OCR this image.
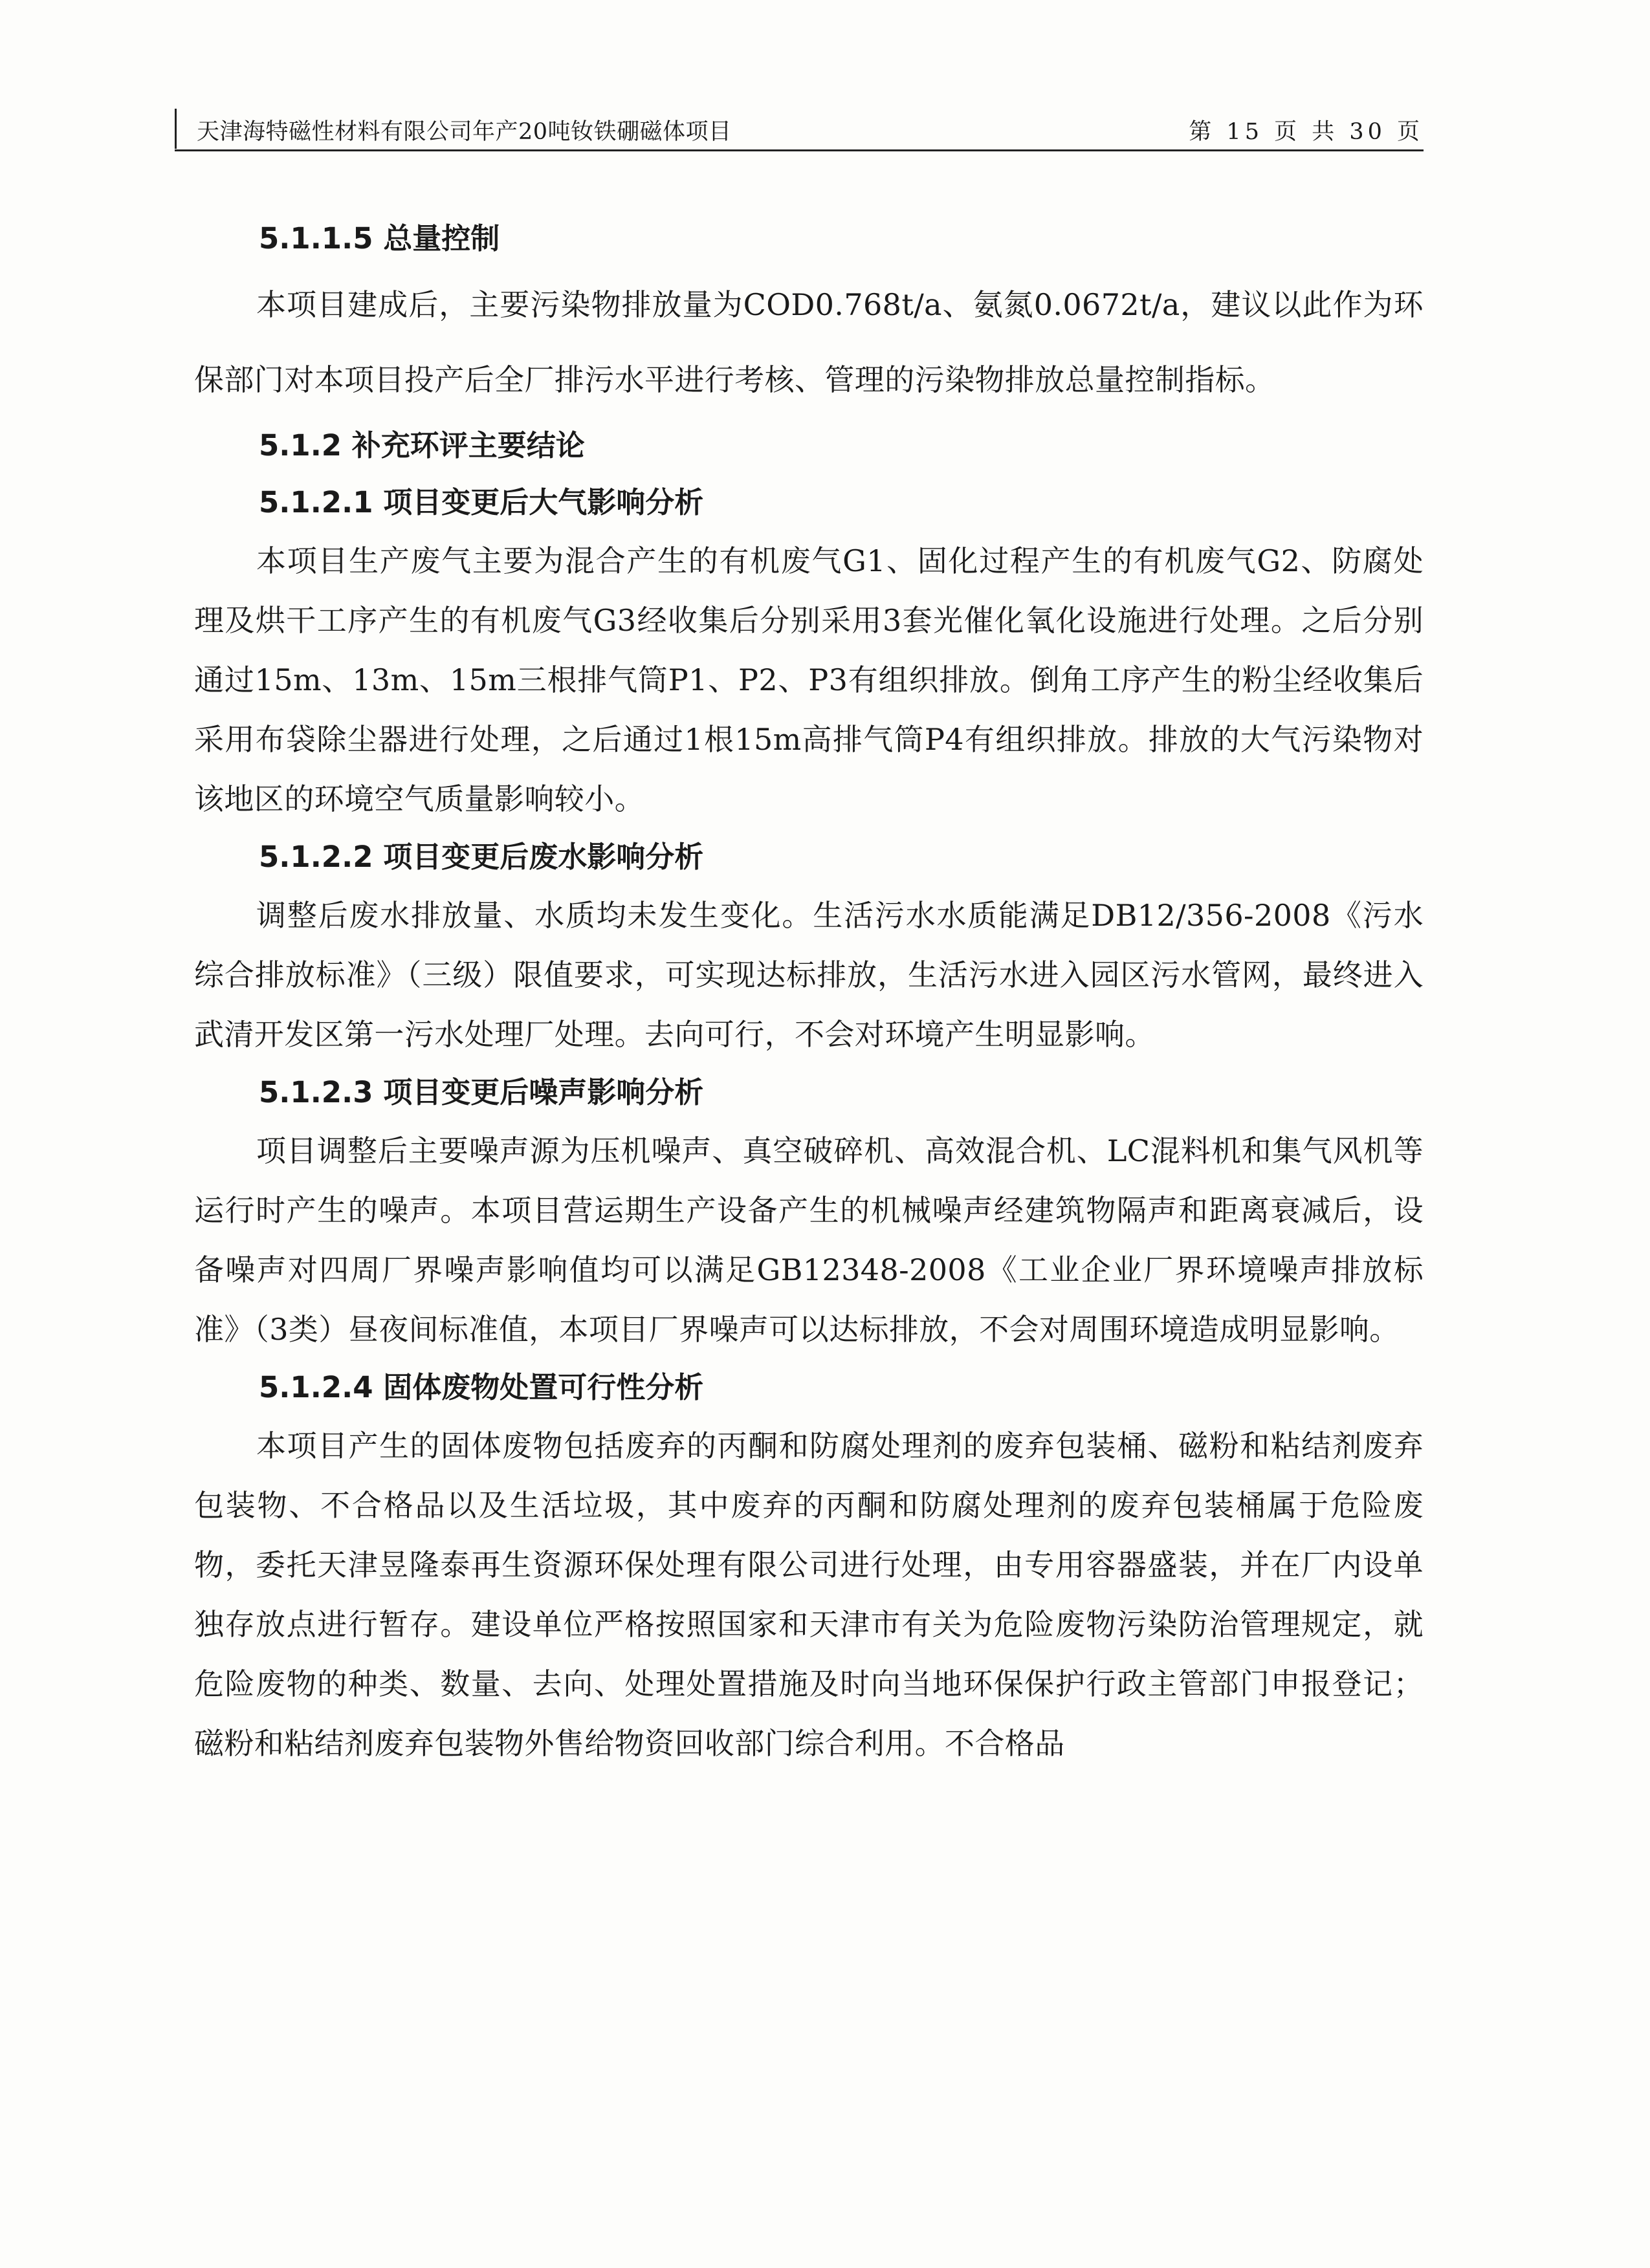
天津海特磁性材料有限公司年产20吨钕铁硼磁体项目	第 15 页 共 30 页
5.1.1.5 总量控制
本项目建成后，主要污染物排放量为COD0.768t/a、氨氮0.0672t/a，建议以此作为环保部门对本项目投产后全厂排污水平进行考核、管理的污染物排放总量控制指标。
5.1.2 补充环评主要结论
5.1.2.1 项目变更后大气影响分析
本项目生产废气主要为混合产生的有机废气G1、固化过程产生的有机废气G2、防腐处理及烘干工序产生的有机废气G3经收集后分别采用3套光催化氧化设施进行处理。之后分别通过15m、13m、15m三根排气筒P1、P2、P3有组织排放。倒角工序产生的粉尘经收集后采用布袋除尘器进行处理，之后通过1根15m高排气筒P4有组织排放。排放的大气污染物对该地区的环境空气质量影响较小。
5.1.2.2 项目变更后废水影响分析
调整后废水排放量、水质均未发生变化。生活污水水质能满足DB12/356-2008《污水综合排放标准》（三级）限值要求，可实现达标排放，生活污水进入园区污水管网，最终进入武清开发区第一污水处理厂处理。去向可行，不会对环境产生明显影响。
5.1.2.3 项目变更后噪声影响分析
项目调整后主要噪声源为压机噪声、真空破碎机、高效混合机、LC混料机和集气风机等运行时产生的噪声。本项目营运期生产设备产生的机械噪声经建筑物隔声和距离衰减后，设备噪声对四周厂界噪声影响值均可以满足GB12348-2008《工业企业厂界环境噪声排放标准》（3类）昼夜间标准值，本项目厂界噪声可以达标排放，不会对周围环境造成明显影响。
5.1.2.4 固体废物处置可行性分析
本项目产生的固体废物包括废弃的丙酮和防腐处理剂的废弃包装桶、磁粉和粘结剂废弃包装物、不合格品以及生活垃圾，其中废弃的丙酮和防腐处理剂的废弃包装桶属于危险废物，委托天津昱隆泰再生资源环保处理有限公司进行处理，由专用容器盛装，并在厂内设单独存放点进行暂存。建设单位严格按照国家和天津市有关为危险废物污染防治管理规定，就危险废物的种类、数量、去向、处理处置措施及时向当地环保保护行政主管部门申报登记；磁粉和粘结剂废弃包装物外售给物资回收部门综合利用。不合格品
